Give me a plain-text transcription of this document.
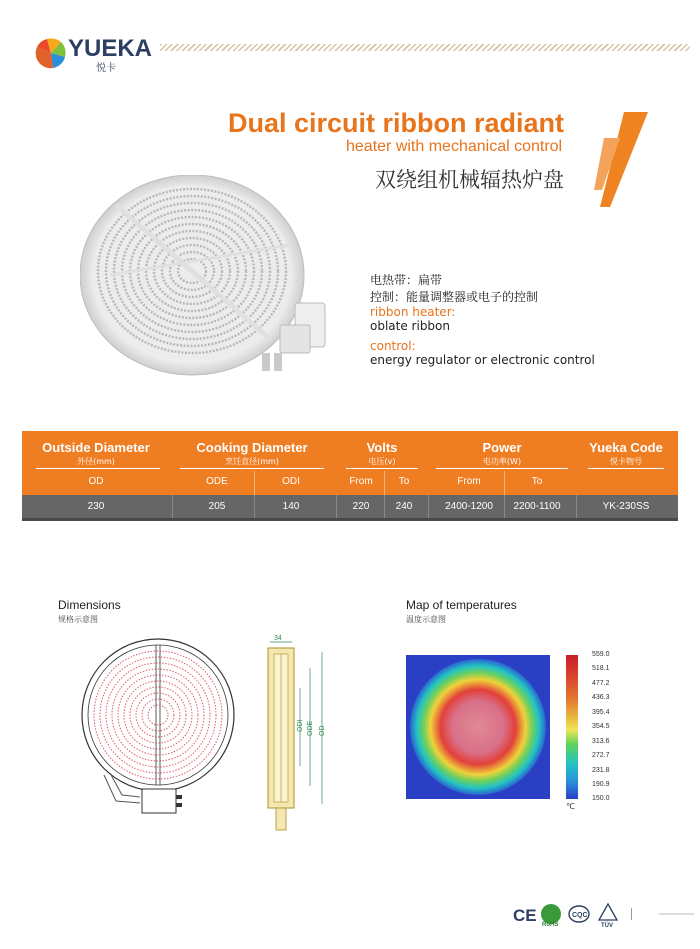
YUEKA
悦卡
Dual circuit ribbon radiant
heater with mechanical control
双绕组机械辐热炉盘
电热带：扁带
控制：能量调整器或电子的控制
ribbon heater:
oblate ribbon
control:
energy regulator or electronic control
Outside Diameter
外径(mm)
Cooking Diameter
烹饪直径(mm)
Volts
电压(v)
Power
电功率(W)
Yueka Code
悦卡物号
OD	ODE	ODI	From	To	From	To
230	205	140	220	240	2400-1200	2200-1100	YK-230SS
Dimensions
规格示意图
34
ODI ODE OD
Map of temperatures
温度示意图
559.0
518.1
477.2
436.3
395.4
354.5
313.6
272.7
231.8
190.9
150.0
℃
CE RoHS
CQC
TÜV
